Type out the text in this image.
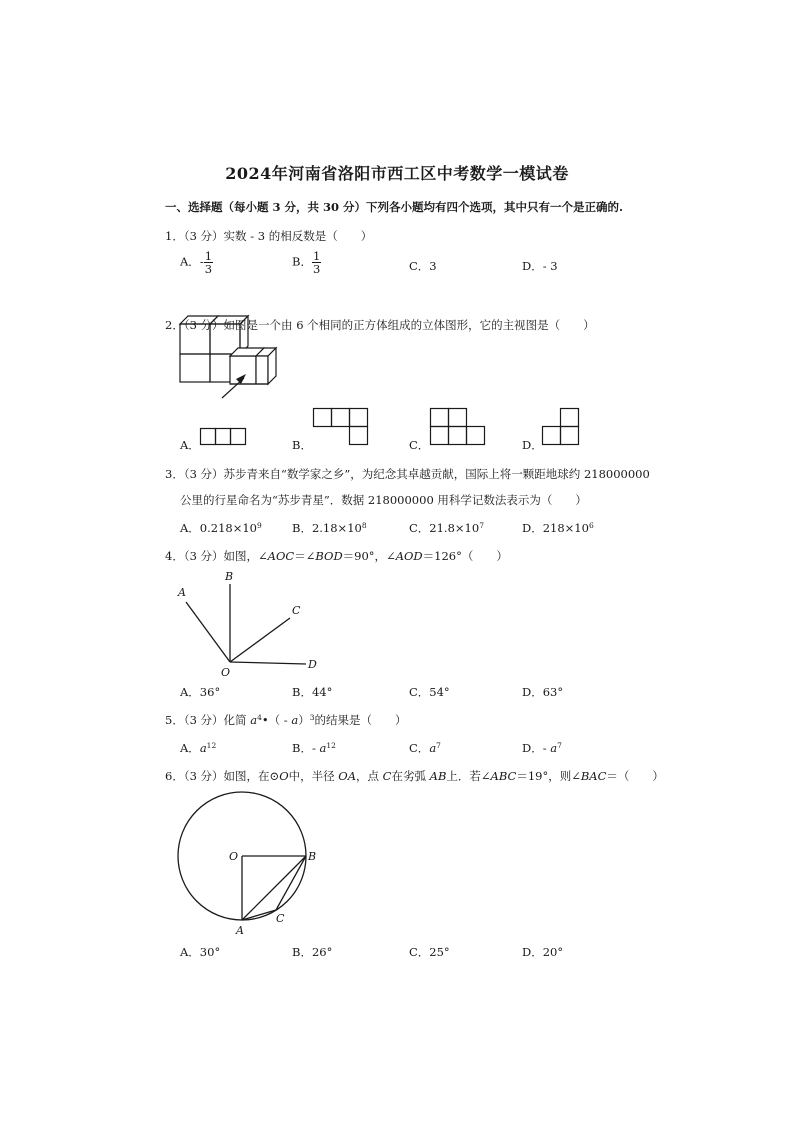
2024年河南省洛阳市西工区中考数学一模试卷
一、选择题（每小题 3 分，共 30 分）下列各小题均有四个选项，其中只有一个是正确的.
1．（3 分）实数 - 3 的相反数是（　　）
A．- $\frac{1}{3}$	B． $\frac{1}{3}$	C．3	D．- 3
2．（3 分）如图是一个由 6 个相同的正方体组成的立体图形，它的主视图是（　　）
A．	B．	C．	D．
3．（3 分）苏步青来自“数学家之乡”，为纪念其卓越贡献，国际上将一颗距地球约 218000000
公里的行星命名为“苏步青星”．数据 218000000 用科学记数法表示为（　　）
A．$0.218\times 10^9$	B．$2.18\times 10^8$	C．$21.8\times 10^7$	D．$218\times 10^6$
4．（3 分）如图，∠AOC＝∠BOD＝90°，∠AOD＝126°（　　）
A
B
C
D
O
A．36°	B．44°	C．54°	D．63°
5．（3 分）化简 $a^4•( - a)^3$的结果是（　　）
A．$a^{12}$	B．- $a^{12}$	C．$a^7$	D．- $a^7$
6．（3 分）如图，在⊙O中，半径 OA，点 C在劣弧 AB上．若∠ABC＝19°，则∠BAC＝（　　）
O	B
A
C
A．30°	B．26°	C．25°	D．20°
